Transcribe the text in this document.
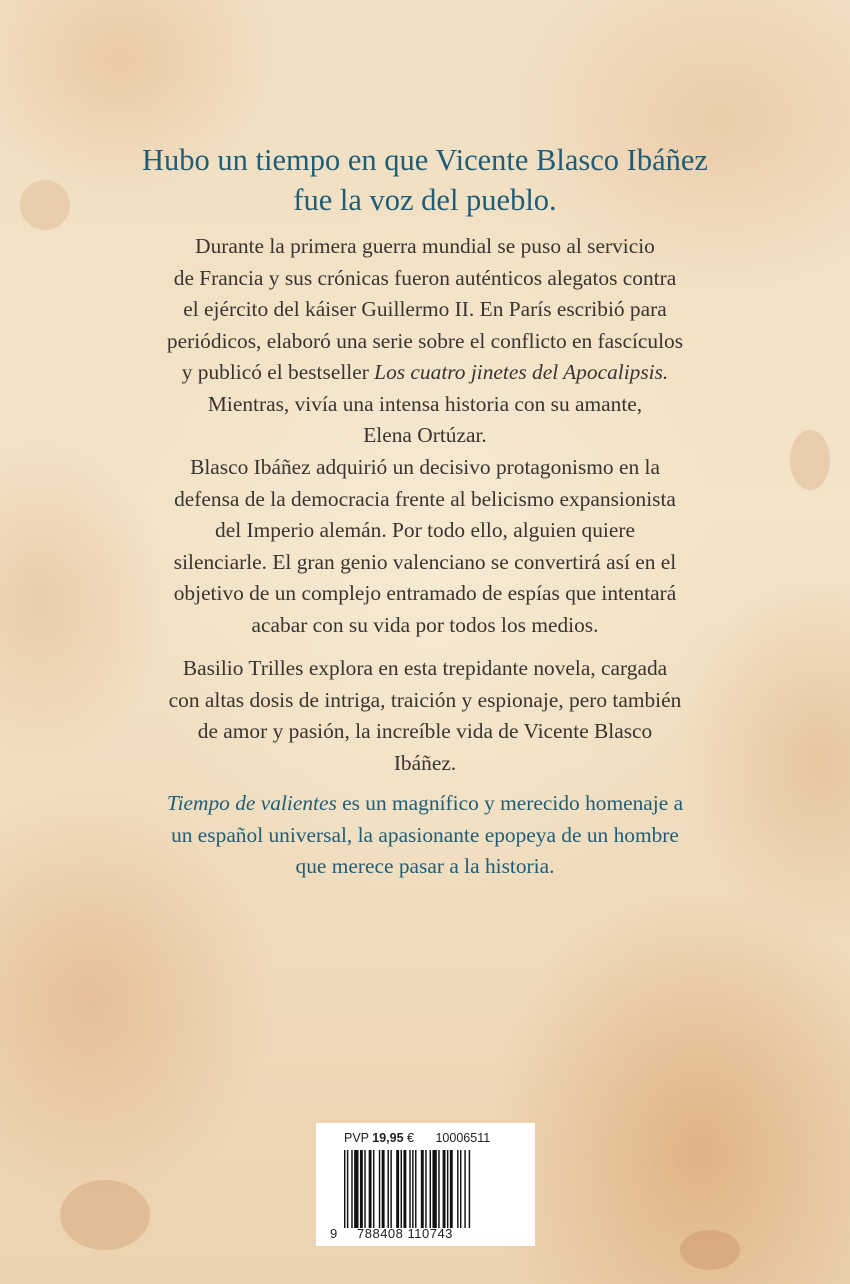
Hubo un tiempo en que Vicente Blasco Ibáñez
fue la voz del pueblo.

Durante la primera guerra mundial se puso al servicio
de Francia y sus crónicas fueron auténticos alegatos contra
el ejército del káiser Guillermo II. En París escribió para
periódicos, elaboró una serie sobre el conflicto en fascículos
y publicó el bestseller Los cuatro jinetes del Apocalipsis.
Mientras, vivía una intensa historia con su amante,
Elena Ortúzar.

Blasco Ibáñez adquirió un decisivo protagonismo en la
defensa de la democracia frente al belicismo expansionista
del Imperio alemán. Por todo ello, alguien quiere
silenciarle. El gran genio valenciano se convertirá así en el
objetivo de un complejo entramado de espías que intentará
acabar con su vida por todos los medios.

Basilio Trilles explora en esta trepidante novela, cargada
con altas dosis de intriga, traición y espionaje, pero también
de amor y pasión, la increíble vida de Vicente Blasco
Ibáñez.

Tiempo de valientes es un magnífico y merecido homenaje a
un español universal, la apasionante epopeya de un hombre
que merece pasar a la historia.

PVP 19,95 € 10006511
9 788408 110743
